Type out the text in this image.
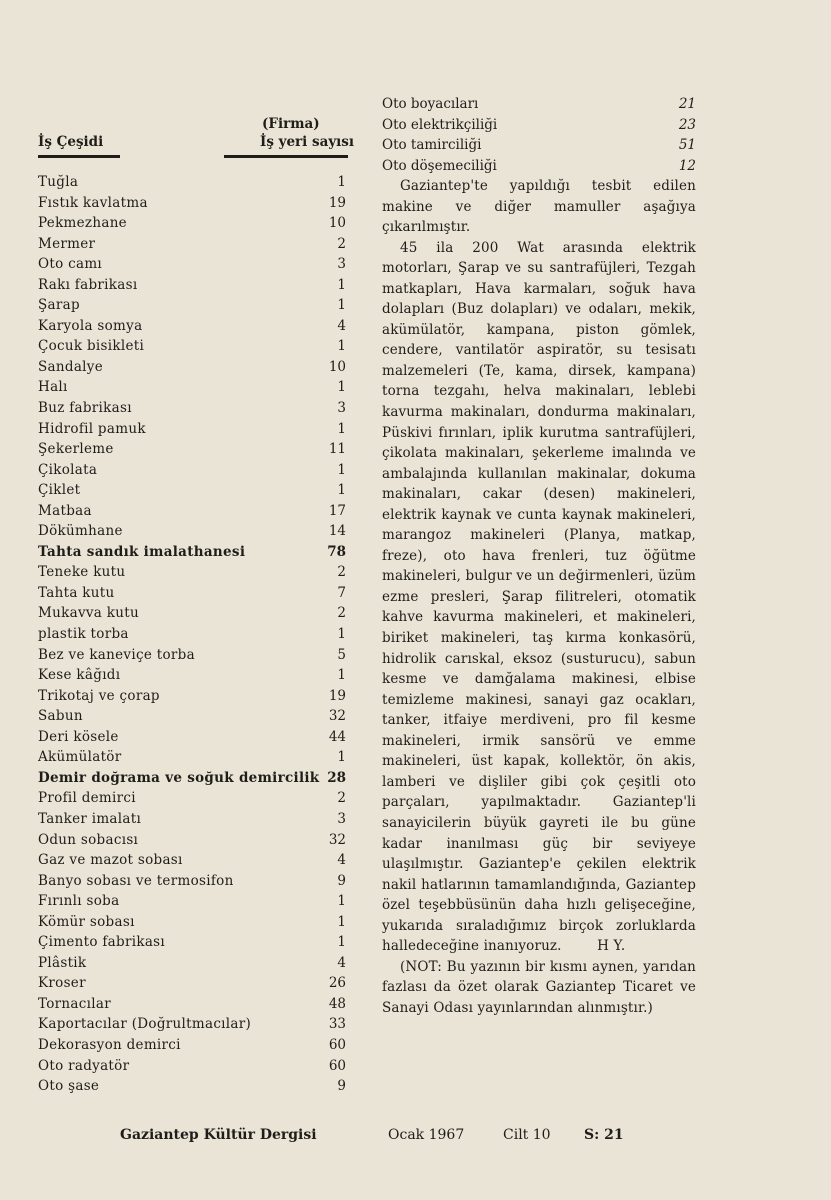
(Firma)
İş Çeşidi	İş yeri sayısı
Tuğla	1
Fıstık kavlatma	19
Pekmezhane	10
Mermer	2
Oto camı	3
Rakı fabrikası	1
Şarap	1
Karyola somya	4
Çocuk bisikleti	1
Sandalye	10
Halı	1
Buz fabrikası	3
Hidrofil pamuk	1
Şekerleme	11
Çikolata	1
Çiklet	1
Matbaa	17
Dökümhane	14
Tahta sandık imalathanesi	78
Teneke kutu	2
Tahta kutu	7
Mukavva kutu	2
plastik torba	1
Bez ve kaneviçe torba	5
Kese kâğıdı	1
Trikotaj ve çorap	19
Sabun	32
Deri kösele	44
Akümülatör	1
Demir doğrama ve soğuk demircilik 28
Profil demirci	2
Tanker imalatı	3
Odun sobacısı	32
Gaz ve mazot sobası	4
Banyo sobası ve termosifon	9
Fırınlı soba	1
Kömür sobası	1
Çimento fabrikası	1
Plâstik	4
Kroser	26
Tornacılar	48
Kaportacılar (Doğrultmacılar)	33
Dekorasyon demirci	60
Oto radyatör	60
Oto şase	9
Oto boyacıları	21
Oto elektrikçiliği	23
Oto tamirciliği	51
Oto döşemeciliği	12

Gaziantep'te yapıldığı tesbit edilen makine ve diğer mamuller aşağıya çıkarılmıştır.

45 ila 200 Wat arasında elektrik motorları, Şarap ve su santrafüjleri, Tezgah matkapları, Hava karmaları, soğuk hava dolapları (Buz dolapları) ve odaları, mekik, akümülatör, kampana, piston gömlek, cendere, vantilatör aspiratör, su tesisatı malzemeleri (Te, kama, dirsek, kampana) torna tezgahı, helva makinaları, leblebi kavurma makinaları, dondurma makinaları, Püskivi fırınları, iplik kurutma santrafüjleri, çikolata makinaları, şekerleme imalında ve ambalajında kullanılan makinalar, dokuma makinaları, cakar (desen) makineleri, elektrik kaynak ve cunta kaynak makineleri, marangoz makineleri (Planya, matkap, freze), oto hava frenleri, tuz öğütme makineleri, bulgur ve un değirmenleri, üzüm ezme presleri, Şarap filitreleri, otomatik kahve kavurma makineleri, et makineleri, biriket makineleri, taş kırma konkasörü, hidrolik carıskal, eksoz (susturucu), sabun kesme ve damğalama makinesi, elbise temizleme makinesi, sanayi gaz ocakları, tanker, itfaiye merdiveni, pro fil kesme makineleri, irmik sansörü ve emme makineleri, üst kapak, kollektör, ön akis, lamberi ve dişliler gibi çok çeşitli oto parçaları, yapılmaktadır. Gaziantep'li sanayicilerin büyük gayreti ile bu güne kadar inanılması güç bir seviyeye ulaşılmıştır. Gaziantep'e çekilen elektrik nakil hatlarının tamamlandığında, Gaziantep özel teşebbüsünün daha hızlı gelişeceğine, yukarıda sıraladığımız birçok zorluklarda halledeceğine inanıyoruz.	H Y.

(NOT: Bu yazının bir kısmı aynen, yarıdan fazlası da özet olarak Gaziantep Ticaret ve Sanayi Odası yayınlarından alınmıştır.)

Gaziantep Kültür Dergisi	Ocak 1967	Cilt 10 S: 21
